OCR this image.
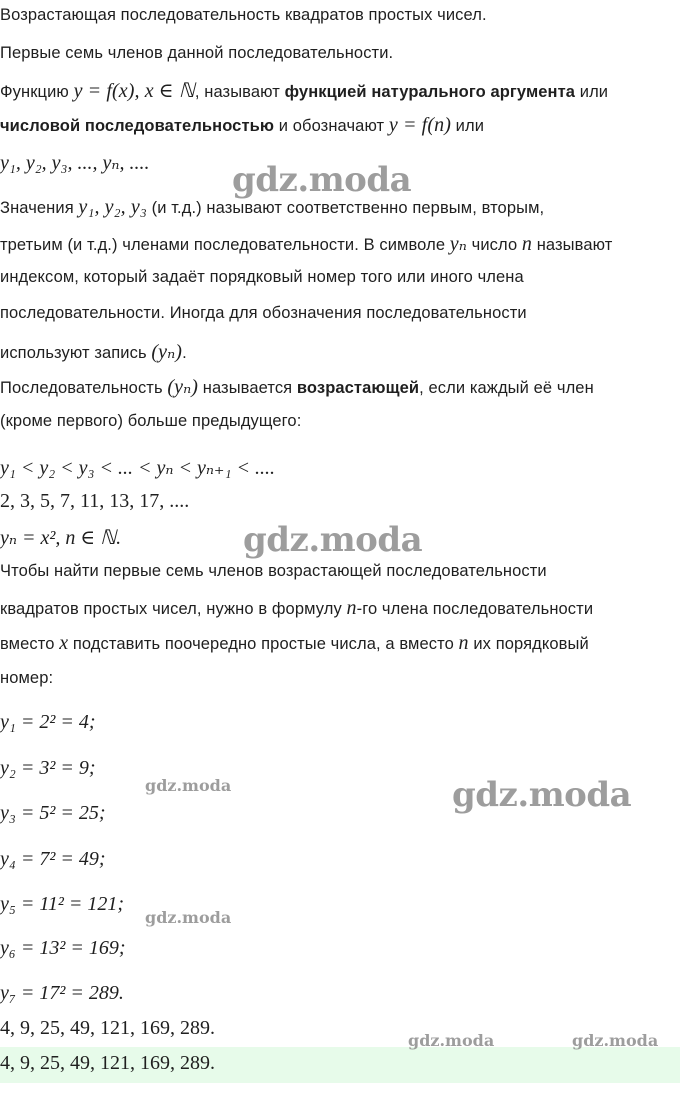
Возрастающая последовательность квадратов простых чисел.
Первые семь членов данной последовательности.
Функцию y = f(x), x ∈ ℕ, называют функцией натурального аргумента или
числовой последовательностью и обозначают y = f(n) или
y₁, y₂, y₃, ..., yₙ, ....
Значения y₁, y₂, y₃ (и т.д.) называют соответственно первым, вторым,
третьим (и т.д.) членами последовательности. В символе yₙ число n называют
индексом, который задаёт порядковый номер того или иного члена
последовательности. Иногда для обозначения последовательности
используют запись (yₙ).
Последовательность (yₙ) называется возрастающей, если каждый её член
(кроме первого) больше предыдущего:
y₁ < y₂ < y₃ < ... < yₙ < yₙ₊₁ < ....
2, 3, 5, 7, 11, 13, 17, ....
yₙ = x², n ∈ ℕ.
Чтобы найти первые семь членов возрастающей последовательности
квадратов простых чисел, нужно в формулу n-го члена последовательности
вместо x подставить поочередно простые числа, а вместо n их порядковый
номер:
y₁ = 2² = 4;
y₂ = 3² = 9;
y₃ = 5² = 25;
y₄ = 7² = 49;
y₅ = 11² = 121;
y₆ = 13² = 169;
y₇ = 17² = 289.
4, 9, 25, 49, 121, 169, 289.
4, 9, 25, 49, 121, 169, 289.
gdz.moda
gdz.moda
gdz.moda
gdz.moda
gdz.moda
gdz.moda	gdz.moda
